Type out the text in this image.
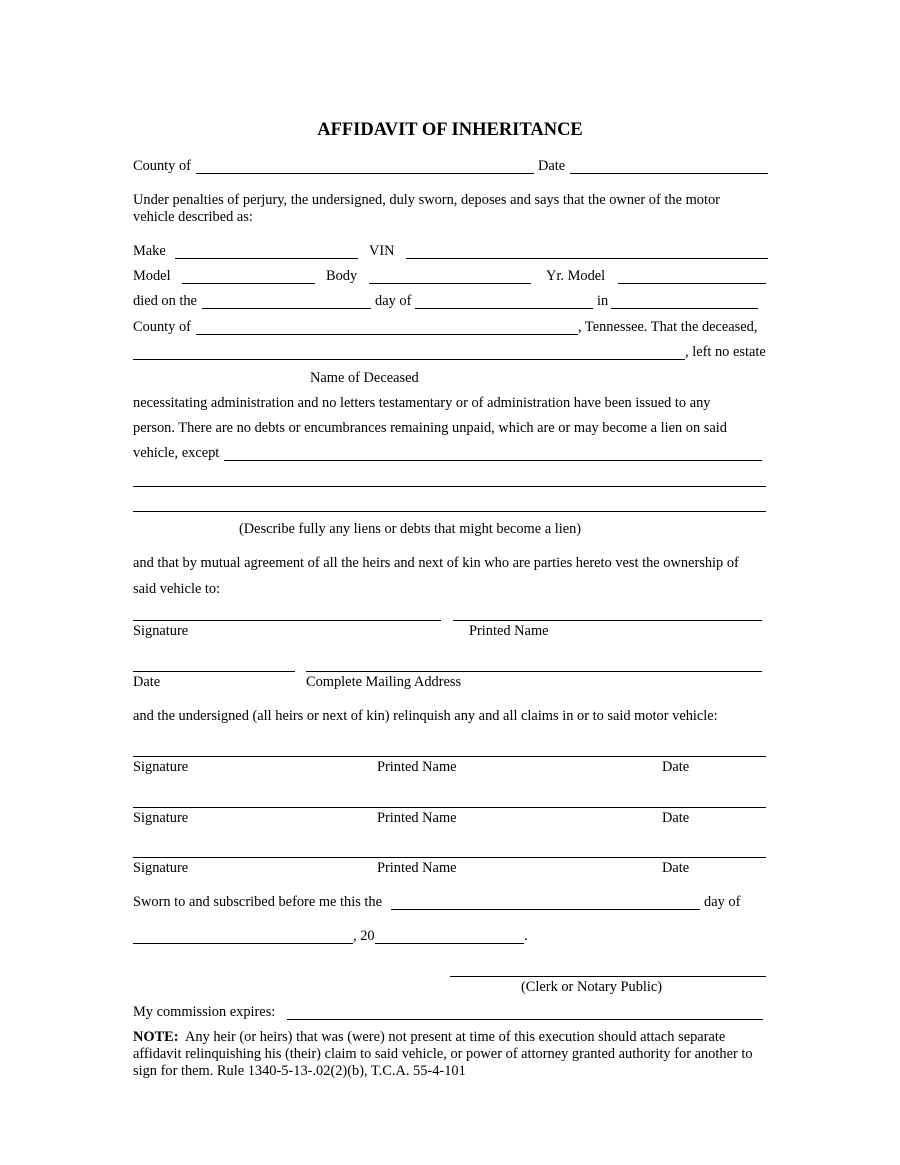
AFFIDAVIT OF INHERITANCE
County of	Date
Under penalties of perjury, the undersigned, duly sworn, deposes and says that the owner of the motor
vehicle described as:
Make	VIN
Model	Body	Yr. Model
died on the	day of	in
County of	, Tennessee. That the deceased,
, left no estate
Name of Deceased
necessitating administration and no letters testamentary or of administration have been issued to any
person. There are no debts or encumbrances remaining unpaid, which are or may become a lien on said
vehicle, except
(Describe fully any liens or debts that might become a lien)
and that by mutual agreement of all the heirs and next of kin who are parties hereto vest the ownership of
said vehicle to:
Signature	Printed Name
Date	Complete Mailing Address
and the undersigned (all heirs or next of kin) relinquish any and all claims in or to said motor vehicle:
Signature	Printed Name	Date
Signature	Printed Name	Date
Signature	Printed Name	Date
Sworn to and subscribed before me this the	day of
, 20	.
(Clerk or Notary Public)
My commission expires:
NOTE:  Any heir (or heirs) that was (were) not present at time of this execution should attach separate
affidavit relinquishing his (their) claim to said vehicle, or power of attorney granted authority for another to
sign for them. Rule 1340-5-13-.02(2)(b), T.C.A. 55-4-101
